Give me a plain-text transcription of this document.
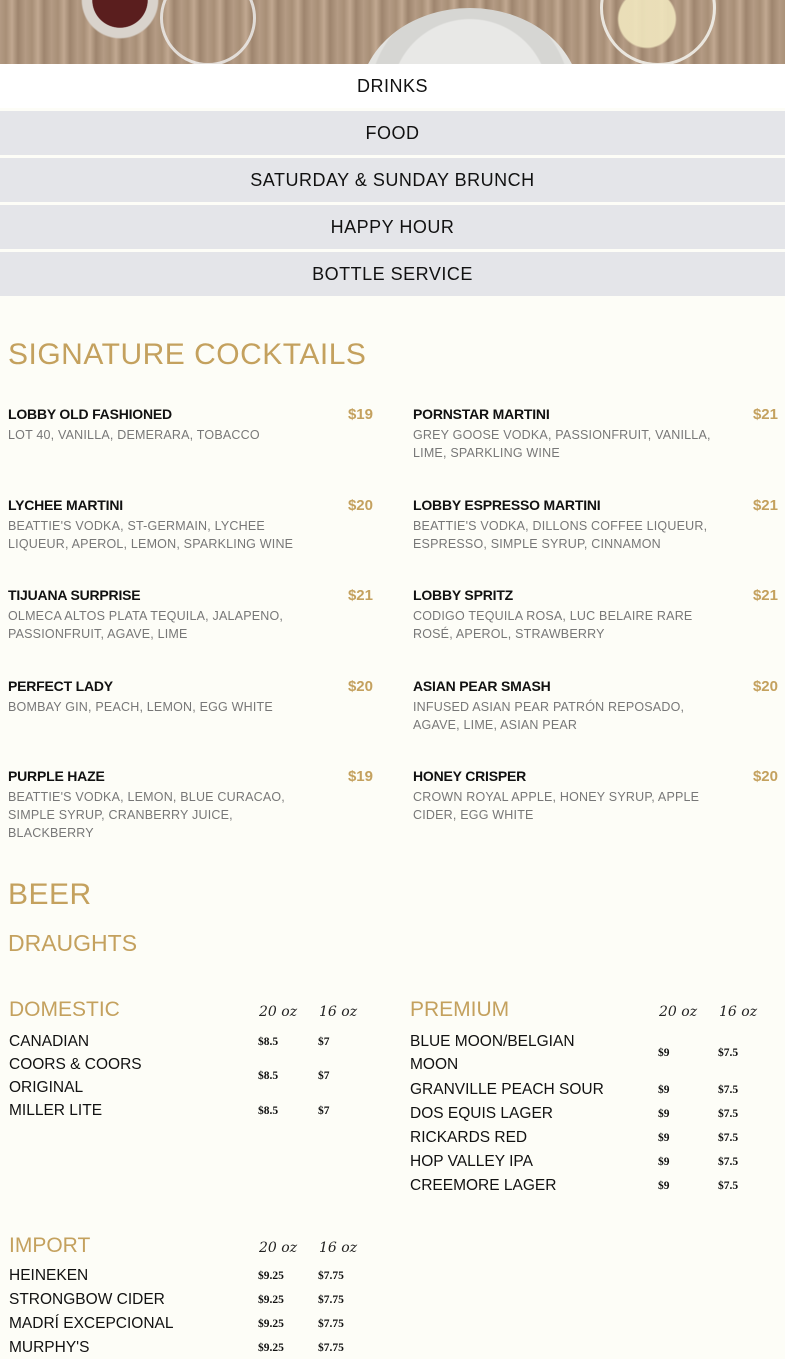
DRINKS
FOOD
SATURDAY & SUNDAY BRUNCH
HAPPY HOUR
BOTTLE SERVICE
SIGNATURE COCKTAILS
LOBBY OLD FASHIONED	$19
LOT 40, VANILLA, DEMERARA, TOBACCO
PORNSTAR MARTINI	$21
GREY GOOSE VODKA, PASSIONFRUIT, VANILLA, LIME, SPARKLING WINE
LYCHEE MARTINI	$20
BEATTIE'S VODKA, ST-GERMAIN, LYCHEE LIQUEUR, APEROL, LEMON, SPARKLING WINE
LOBBY ESPRESSO MARTINI	$21
BEATTIE'S VODKA, DILLONS COFFEE LIQUEUR, ESPRESSO, SIMPLE SYRUP, CINNAMON
TIJUANA SURPRISE	$21
OLMECA ALTOS PLATA TEQUILA, JALAPENO, PASSIONFRUIT, AGAVE, LIME
LOBBY SPRITZ	$21
CODIGO TEQUILA ROSA, LUC BELAIRE RARE ROSÉ, APEROL, STRAWBERRY
PERFECT LADY	$20
BOMBAY GIN, PEACH, LEMON, EGG WHITE
ASIAN PEAR SMASH	$20
INFUSED ASIAN PEAR PATRÓN REPOSADO, AGAVE, LIME, ASIAN PEAR
PURPLE HAZE	$19
BEATTIE'S VODKA, LEMON, BLUE CURACAO, SIMPLE SYRUP, CRANBERRY JUICE, BLACKBERRY
HONEY CRISPER	$20
CROWN ROYAL APPLE, HONEY SYRUP, APPLE CIDER, EGG WHITE
BEER
DRAUGHTS
DOMESTIC	20 oz 16 oz
CANADIAN	$8.5	$7
COORS & COORS ORIGINAL
$8.5	$7
MILLER LITE	$8.5	$7
PREMIUM	20 oz 16 oz
BLUE MOON/BELGIAN MOON
$9	$7.5
GRANVILLE PEACH SOUR	$9	$7.5
DOS EQUIS LAGER	$9	$7.5
RICKARDS RED	$9	$7.5
HOP VALLEY IPA	$9	$7.5
CREEMORE LAGER	$9	$7.5
IMPORT	20 oz 16 oz
HEINEKEN	$9.25	$7.75
STRONGBOW CIDER	$9.25	$7.75
MADRÍ EXCEPCIONAL	$9.25	$7.75
MURPHY'S	$9.25	$7.75
